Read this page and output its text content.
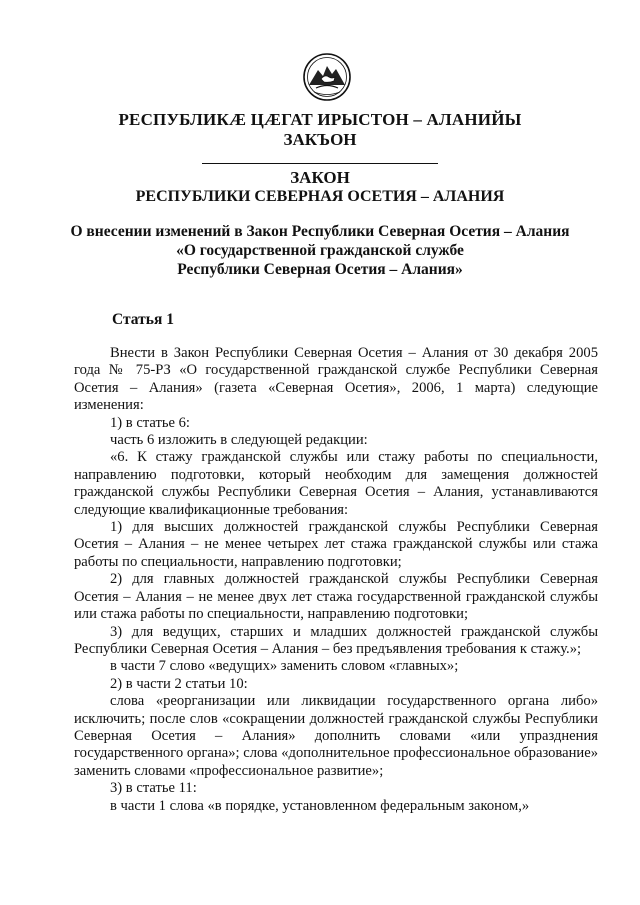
РЕСПУБЛИКӔ ЦӔГАТ ИРЫСТОН – АЛАНИЙЫ
ЗАКЪОН
ЗАКОН
РЕСПУБЛИКИ СЕВЕРНАЯ ОСЕТИЯ – АЛАНИЯ
О внесении изменений в Закон Республики Северная Осетия – Алания
«О государственной гражданской службе
Республики Северная Осетия – Алания»
Статья 1

Внести в Закон Республики Северная Осетия – Алания от 30 декабря 2005 года № 75-РЗ «О государственной гражданской службе Республики Северная Осетия – Алания» (газета «Северная Осетия», 2006, 1 марта) следующие изменения:

1) в статье 6:

часть 6 изложить в следующей редакции:

«6. К стажу гражданской службы или стажу работы по специальности, направлению подготовки, который необходим для замещения должностей гражданской службы Республики Северная Осетия – Алания, устанавливаются следующие квалификационные требования:

1) для высших должностей гражданской службы Республики Северная Осетия – Алания – не менее четырех лет стажа гражданской службы или стажа работы по специальности, направлению подготовки;

2) для главных должностей гражданской службы Республики Северная Осетия – Алания – не менее двух лет стажа государственной гражданской службы или стажа работы по специальности, направлению подготовки;

3) для ведущих, старших и младших должностей гражданской службы Республики Северная Осетия – Алания – без предъявления требования к стажу.»;

в части 7 слово «ведущих» заменить словом «главных»;

2) в части 2 статьи 10:

слова «реорганизации или ликвидации государственного органа либо» исключить; после слов «сокращении должностей гражданской службы Республики Северная Осетия – Алания» дополнить словами «или упразднения государственного органа»; слова «дополнительное профессиональное образование» заменить словами «профессиональное развитие»;

3) в статье 11:

в части 1 слова «в порядке, установленном федеральным законом,»
